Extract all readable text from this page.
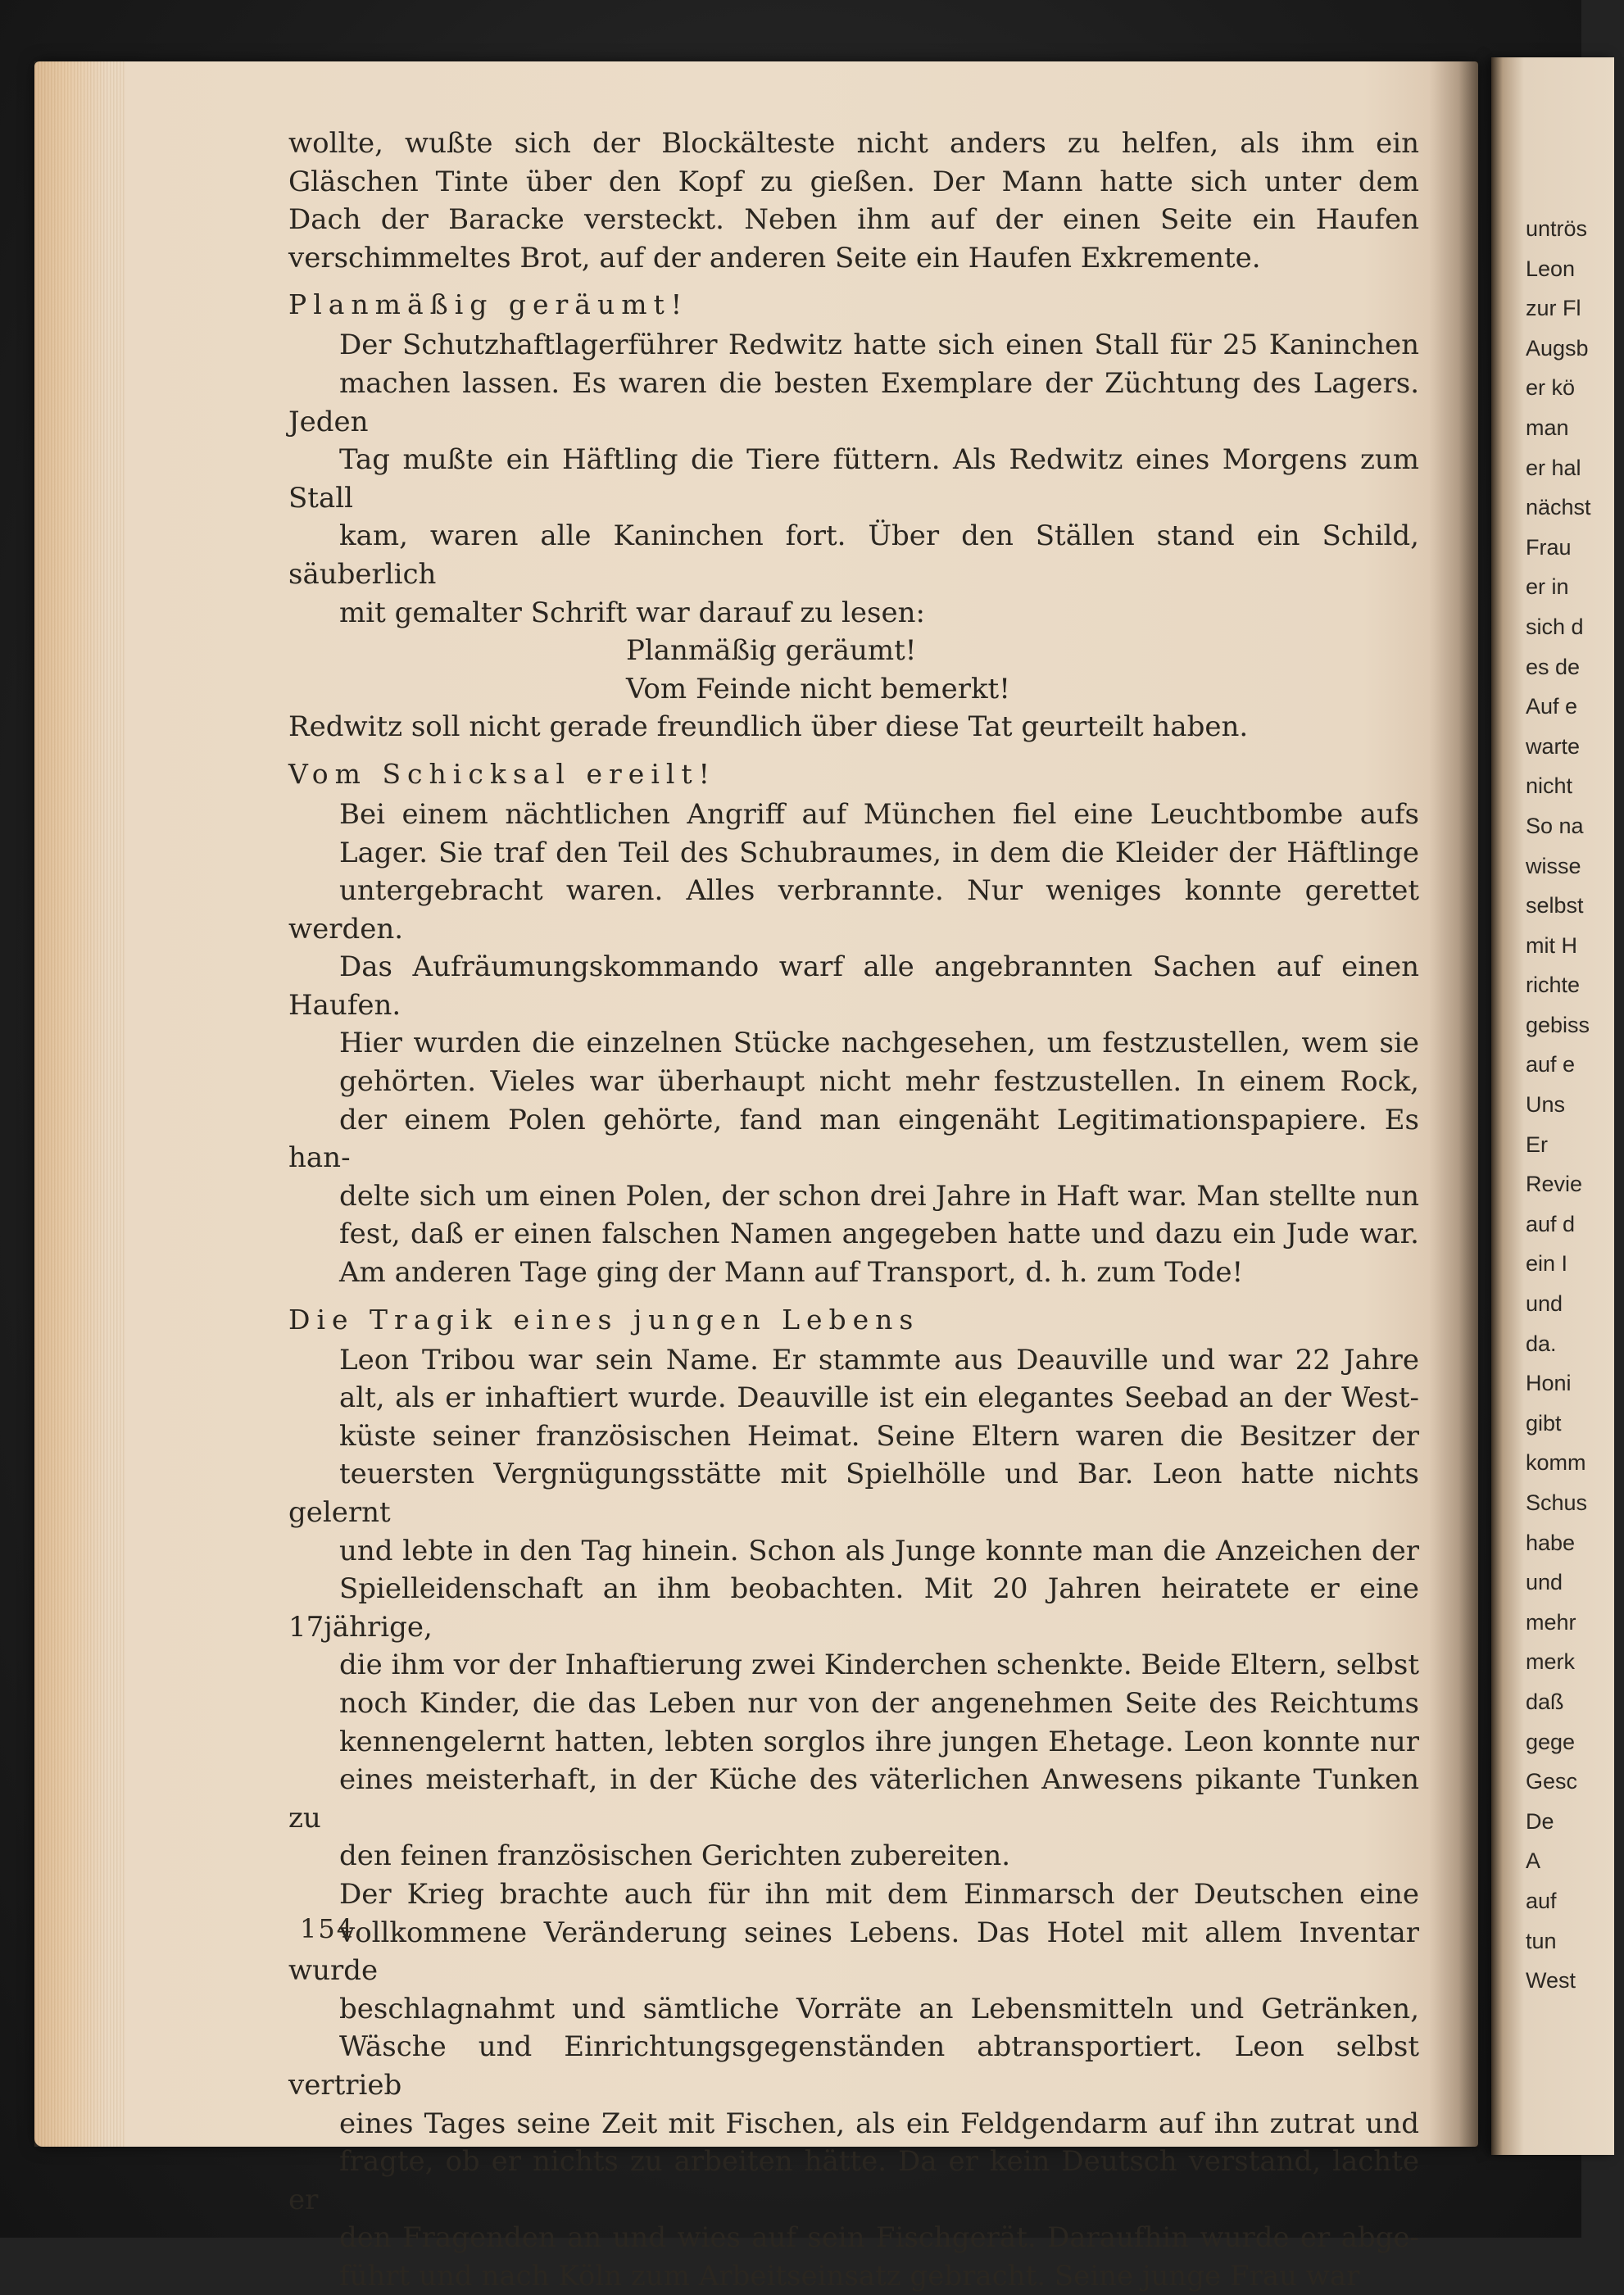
wollte, wußte sich der Blockälteste nicht anders zu helfen, als ihm ein
Gläschen Tinte über den Kopf zu gießen. Der Mann hatte sich unter dem
Dach der Baracke versteckt. Neben ihm auf der einen Seite ein Haufen
verschimmeltes Brot, auf der anderen Seite ein Haufen Exkremente.
Planmäßig geräumt!
Der Schutzhaftlagerführer Redwitz hatte sich einen Stall für 25 Kaninchen
machen lassen. Es waren die besten Exemplare der Züchtung des Lagers. Jeden
Tag mußte ein Häftling die Tiere füttern. Als Redwitz eines Morgens zum Stall
kam, waren alle Kaninchen fort. Über den Ställen stand ein Schild, säuberlich
mit gemalter Schrift war darauf zu lesen:
Planmäßig geräumt!
Vom Feinde nicht bemerkt!
Redwitz soll nicht gerade freundlich über diese Tat geurteilt haben.
Vom Schicksal ereilt!
Bei einem nächtlichen Angriff auf München fiel eine Leuchtbombe aufs
Lager. Sie traf den Teil des Schubraumes, in dem die Kleider der Häftlinge
untergebracht waren. Alles verbrannte. Nur weniges konnte gerettet werden.
Das Aufräumungskommando warf alle angebrannten Sachen auf einen Haufen.
Hier wurden die einzelnen Stücke nachgesehen, um festzustellen, wem sie
gehörten. Vieles war überhaupt nicht mehr festzustellen. In einem Rock,
der einem Polen gehörte, fand man eingenäht Legitimationspapiere. Es han-
delte sich um einen Polen, der schon drei Jahre in Haft war. Man stellte nun
fest, daß er einen falschen Namen angegeben hatte und dazu ein Jude war.
Am anderen Tage ging der Mann auf Transport, d. h. zum Tode!
Die Tragik eines jungen Lebens
Leon Tribou war sein Name. Er stammte aus Deauville und war 22 Jahre
alt, als er inhaftiert wurde. Deauville ist ein elegantes Seebad an der West-
küste seiner französischen Heimat. Seine Eltern waren die Besitzer der
teuersten Vergnügungsstätte mit Spielhölle und Bar. Leon hatte nichts gelernt
und lebte in den Tag hinein. Schon als Junge konnte man die Anzeichen der
Spielleidenschaft an ihm beobachten. Mit 20 Jahren heiratete er eine 17jährige,
die ihm vor der Inhaftierung zwei Kinderchen schenkte. Beide Eltern, selbst
noch Kinder, die das Leben nur von der angenehmen Seite des Reichtums
kennengelernt hatten, lebten sorglos ihre jungen Ehetage. Leon konnte nur
eines meisterhaft, in der Küche des väterlichen Anwesens pikante Tunken zu
den feinen französischen Gerichten zubereiten.
Der Krieg brachte auch für ihn mit dem Einmarsch der Deutschen eine
vollkommene Veränderung seines Lebens. Das Hotel mit allem Inventar wurde
beschlagnahmt und sämtliche Vorräte an Lebensmitteln und Getränken,
Wäsche und Einrichtungsgegenständen abtransportiert. Leon selbst vertrieb
eines Tages seine Zeit mit Fischen, als ein Feldgendarm auf ihn zutrat und
fragte, ob er nichts zu arbeiten hätte. Da er kein Deutsch verstand, lachte er
den Fragenden an und wies auf sein Fischgerät. Daraufhin wurde er abge-
führt und nach Köln zum Arbeitseinsatz gebracht. Seine junge Frau war
154
untrös
Leon
zur Fl
Augsb
er kö
man
er hal
nächst
Frau
er in
sich d
es de
Auf e
warte
nicht
So na
wisse
selbst
mit H
richte
gebiss
auf e
Uns
Er
Revie
auf d
ein I
und
da.
Honi
gibt
komm
Schus
habe
und
mehr
merk
daß
gege
Gesc
De
A
auf
tun
West
